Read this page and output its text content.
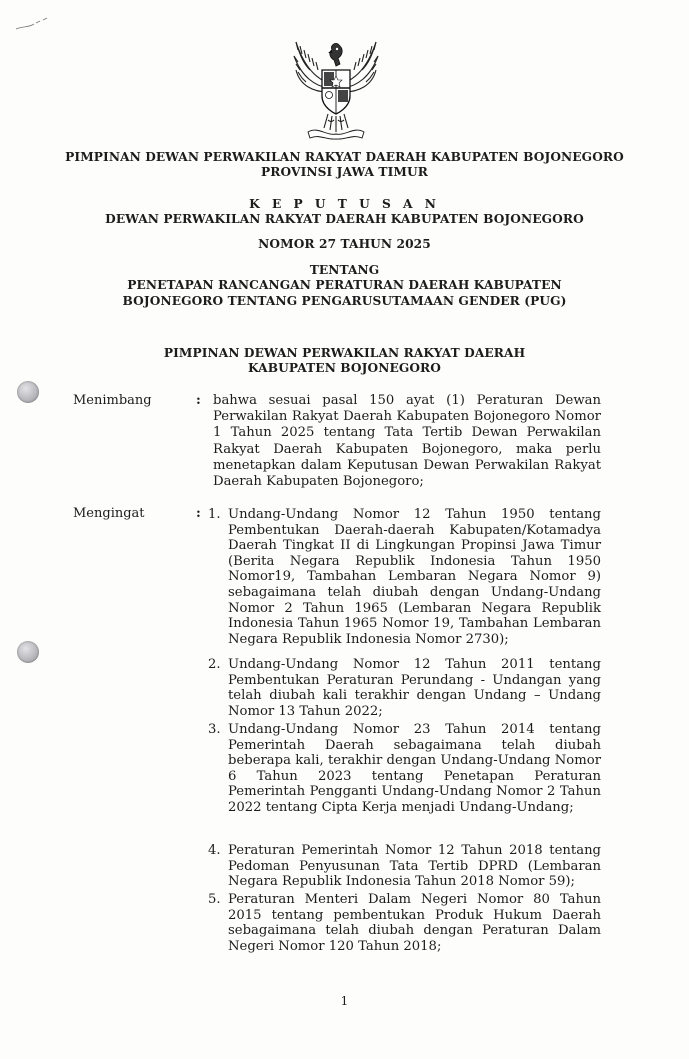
PIMPINAN DEWAN PERWAKILAN RAKYAT DAERAH KABUPATEN BOJONEGORO
PROVINSI JAWA TIMUR
K E P U T U S A N
DEWAN PERWAKILAN RAKYAT DAERAH KABUPATEN BOJONEGORO
NOMOR 27 TAHUN 2025
TENTANG
PENETAPAN RANCANGAN PERATURAN DAERAH KABUPATEN
BOJONEGORO TENTANG PENGARUSUTAMAAN GENDER (PUG)
PIMPINAN DEWAN PERWAKILAN RAKYAT DAERAH
KABUPATEN BOJONEGORO
Menimbang	: bahwa sesuai pasal 150 ayat (1) Peraturan Dewan Perwakilan Rakyat Daerah Kabupaten Bojonegoro Nomor 1 Tahun 2025 tentang Tata Tertib Dewan Perwakilan Rakyat Daerah Kabupaten Bojonegoro, maka perlu menetapkan dalam Keputusan Dewan Perwakilan Rakyat Daerah Kabupaten Bojonegoro;
Mengingat	: 1. Undang-Undang Nomor 12 Tahun 1950 tentang Pembentukan Daerah-daerah Kabupaten/Kotamadya Daerah Tingkat II di Lingkungan Propinsi Jawa Timur (Berita Negara Republik Indonesia Tahun 1950 Nomor19, Tambahan Lembaran Negara Nomor 9) sebagaimana telah diubah dengan Undang-Undang Nomor 2 Tahun 1965 (Lembaran Negara Republik Indonesia Tahun 1965 Nomor 19, Tambahan Lembaran Negara Republik Indonesia Nomor 2730);
2. Undang-Undang Nomor 12 Tahun 2011 tentang Pembentukan Peraturan Perundang - Undangan yang telah diubah kali terakhir dengan Undang – Undang Nomor 13 Tahun 2022;
3. Undang-Undang Nomor 23 Tahun 2014 tentang Pemerintah Daerah sebagaimana telah diubah beberapa kali, terakhir dengan Undang-Undang Nomor 6 Tahun 2023 tentang Penetapan Peraturan Pemerintah Pengganti Undang-Undang Nomor 2 Tahun 2022 tentang Cipta Kerja menjadi Undang-Undang;
4. Peraturan Pemerintah Nomor 12 Tahun 2018 tentang Pedoman Penyusunan Tata Tertib DPRD (Lembaran Negara Republik Indonesia Tahun 2018 Nomor 59);
5. Peraturan Menteri Dalam Negeri Nomor 80 Tahun 2015 tentang pembentukan Produk Hukum Daerah sebagaimana telah diubah dengan Peraturan Dalam Negeri Nomor 120 Tahun 2018;
1
